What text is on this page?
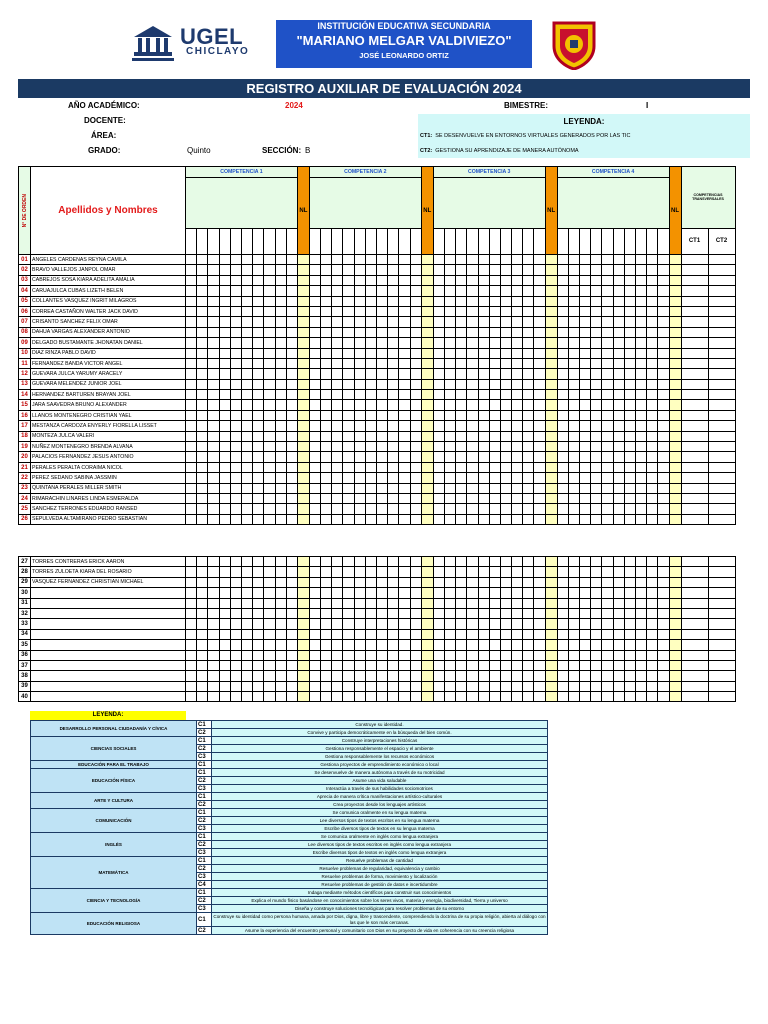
UGEL
CHICLAYO
INSTITUCIÓN EDUCATIVA SECUNDARIA
"MARIANO MELGAR VALDIVIEZO"
JOSÉ LEONARDO ORTIZ
REGISTRO AUXILIAR DE EVALUACIÓN 2024
AÑO ACADÉMICO:	2024	BIMESTRE:	I
DOCENTE:
ÁREA:
GRADO:	Quinto	SECCIÓN: B
LEYENDA:
CT1: SE DESENVUELVE EN ENTORNOS VIRTUALES GENERADOS POR LAS TIC
CT2: GESTIONA SU APRENDIZAJE DE MANERA AUTÓNOMA
N° DE ORDEN	Apellidos y Nombres	COMPETENCIA 1										NL	COMPETENCIA 2										NL	COMPETENCIA 3										NL	COMPETENCIA 4										NL	COMPETENCIAS TRANSVERSALES	

																																														CT1	CT2
01	ANGELES CARDENAS REYNA CAMILA																																														
02	BRAVO VALLEJOS JANPOL OMAR																																														
03	CABREJOS SOSA KIARA ADELITA AMALIA																																														
04	CARUAJULCA CUBAS LIZETH BELEN																																														
05	COLLANTES VASQUEZ INGRIT MILAGROS																																														
06	CORREA CASTAÑON WALTER JACK DAVID																																														
07	CRISANTO SANCHEZ FELIX OMAR																																														
08	DAHUA VARGAS ALEXANDER ANTONIO																																														
09	DELGADO BUSTAMANTE JHONATAN DANIEL																																														
10	DIAZ RINZA PABLO DAVID																																														
11	FERNANDEZ BANDA VICTOR ANGEL																																														
12	GUEVARA JULCA YARUMY ARACELY																																														
13	GUEVARA MELENDEZ JUNIOR JOEL																																														
14	HERNANDEZ BARTUREN BRAYAN JOEL																																														
15	JARA SAAVEDRA BRUNO ALEXANDER																																														
16	LLANOS MONTENEGRO CRISTIAN YAEL																																														
17	MESTANZA CARDOZA ENYERLY FIORELLA LISSET																																														
18	MONTEZA JULCA VALERI																																														
19	NUÑEZ MONTENEGRO BRENDA ALVANA																																														
20	PALACIOS FERNANDEZ JESUS ANTONIO																																														
21	PERALES PERALTA CORAIMA NICOL																																														
22	PEREZ SEDANO SABINA JASSMIN																																														
23	QUINTANA PERALES MILLER SMITH																																														
24	RIMARACHIN LINARES LINDA ESMERALDA																																														
25	SANCHEZ TERRONES EDUARDO RANSED																																														
26	SEPULVEDA ALTAMIRANO PEDRO SEBASTIAN																																														
27	TORRES CONTRERAS ERICK AARON																																														
28	TORRES ZULOETA KIARA DEL ROSARIO																																														
29	VASQUEZ FERNANDEZ CHRISTIAN MICHAEL																																														
30																																															
31																																															
32																																															
33																																															
34																																															
35																																															
36																																															
37																																															
38																																															
39																																															
40																																															
LEYENDA:
DESARROLLO PERSONAL CIUDADANÍA Y CÍVICA	C1	Construye su identidad.
	C2	Convive y participa democráticamente en la búsqueda del bien común.
CIENCIAS SOCIALES	C1	Construye interpretaciones históricas
	C2	Gestiona responsablemente el espacio y el ambiente
	C3	Gestiona responsablemente los recursos económicos
EDUCACIÓN PARA EL TRABAJO	C1	Gestiona proyectos de emprendimiento económico o local
EDUCACIÓN FÍSICA	C1	Se desenvuelve de manera autónoma a través de su motricidad
	C2	Asume una vida saludable
	C3	Interactúa a través de sus habilidades sociomotrices
ARTE Y CULTURA	C1	Aprecia de manera crítica manifestaciones artístico-culturales
	C2	Crea proyectos desde los lenguajes artísticos
COMUNICACIÓN	C1	Se comunica oralmente en su lengua materna
	C2	Lee diversos tipos de textos escritos en su lengua materna
	C3	Escribe diversos tipos de textos en su lengua materna
INGLÉS	C1	Se comunica oralmente en inglés como lengua extranjera
	C2	Lee diversos tipos de textos escritos en inglés como lengua extranjera
	C3	Escribe diversos tipos de textos en inglés como lengua extranjera
MATEMÁTICA	C1	Resuelve problemas de cantidad
	C2	Resuelve problemas de regularidad, equivalencia y cambio
	C3	Resuelve problemas de forma, movimiento y localización
	C4	Resuelve problemas de gestión de datos e incertidumbre
CIENCIA Y TECNOLOGÍA	C1	Indaga mediante métodos científicos para construir sus conocimientos
	C2	Explica el mundo físico basándose en conocimientos sobre los seres vivos, materia y energía, biodiversidad, Tierra y universo
	C3	Diseña y construye soluciones tecnológicas para resolver problemas de su entorno
EDUCACIÓN RELIGIOSA	C1	Construye su identidad como persona humana, amada por Dios, digna, libre y trascendente, comprendiendo la doctrina de su propia religión, abierta al diálogo con las que le son más cercanas.
	C2	Asume la experiencia del encuentro personal y comunitario con Dios en su proyecto de vida en coherencia con su creencia religiosa
